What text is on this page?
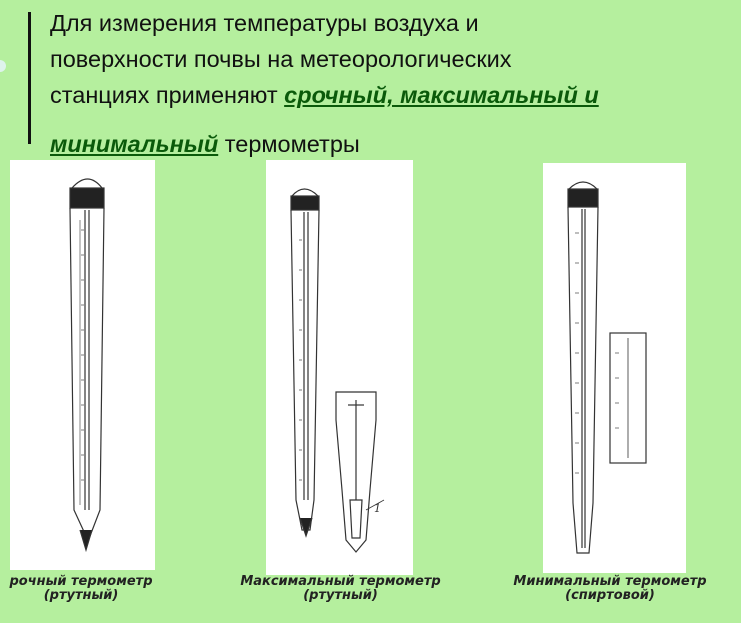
Для измерения температуры воздуха и
поверхности почвы на метеорологических
станциях применяют срочный, максимальный и
минимальный термометры
1
рочный термометр
(ртутный)
Максимальный термометр
(ртутный)
Минимальный термометр
(спиртовой)
